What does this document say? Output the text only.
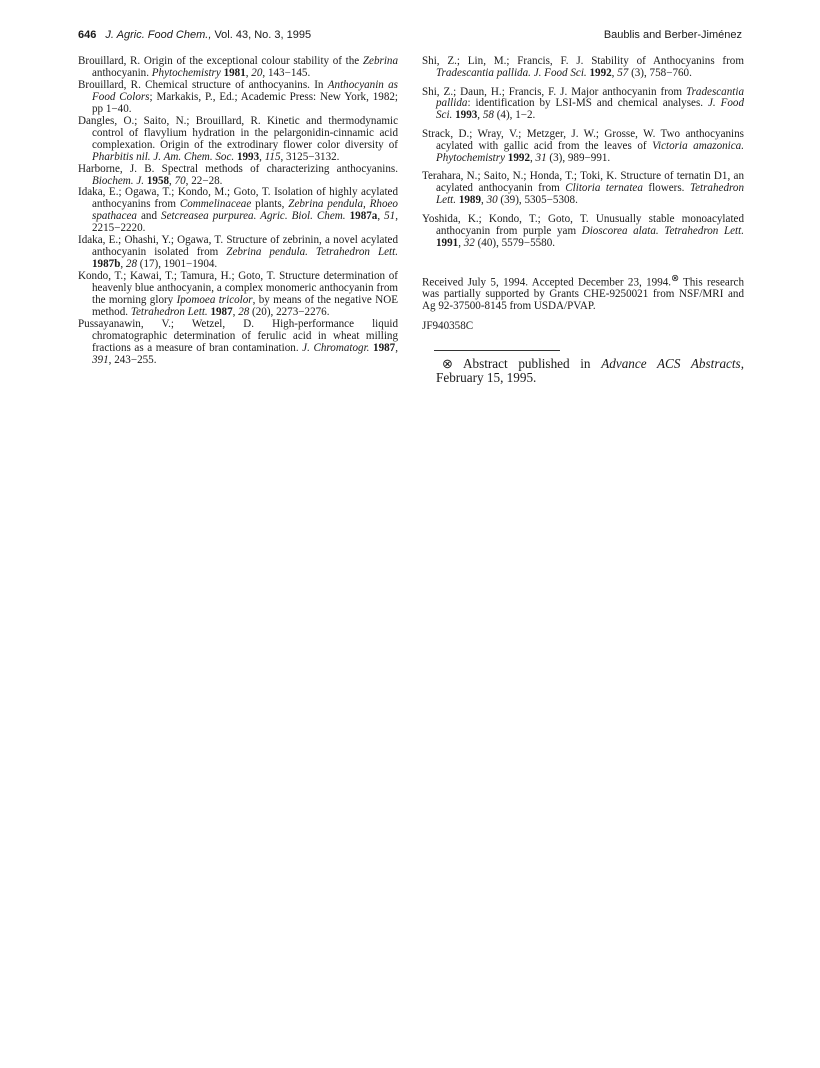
646 J. Agric. Food Chem., Vol. 43, No. 3, 1995	Baublis and Berber-Jiménez

Brouillard, R. Origin of the exceptional colour stability of the Zebrina anthocyanin. Phytochemistry 1981, 20, 143−145.

Brouillard, R. Chemical structure of anthocyanins. In Anthocyanin as Food Colors; Markakis, P., Ed.; Academic Press: New York, 1982; pp 1−40.

Dangles, O.; Saito, N.; Brouillard, R. Kinetic and thermodynamic control of flavylium hydration in the pelargonidin-cinnamic acid complexation. Origin of the extrodinary flower color diversity of Pharbitis nil. J. Am. Chem. Soc. 1993, 115, 3125−3132.

Harborne, J. B. Spectral methods of characterizing anthocyanins. Biochem. J. 1958, 70, 22−28.

Idaka, E.; Ogawa, T.; Kondo, M.; Goto, T. Isolation of highly acylated anthocyanins from Commelinaceae plants, Zebrina pendula, Rhoeo spathacea and Setcreasea purpurea. Agric. Biol. Chem. 1987a, 51, 2215−2220.

Idaka, E.; Ohashi, Y.; Ogawa, T. Structure of zebrinin, a novel acylated anthocyanin isolated from Zebrina pendula. Tetrahedron Lett. 1987b, 28 (17), 1901−1904.

Kondo, T.; Kawai, T.; Tamura, H.; Goto, T. Structure determination of heavenly blue anthocyanin, a complex monomeric anthocyanin from the morning glory Ipomoea tricolor, by means of the negative NOE method. Tetrahedron Lett. 1987, 28 (20), 2273−2276.

Pussayanawin, V.; Wetzel, D. High-performance liquid chromatographic determination of ferulic acid in wheat milling fractions as a measure of bran contamination. J. Chromatogr. 1987, 391, 243−255.

Shi, Z.; Lin, M.; Francis, F. J. Stability of Anthocyanins from Tradescantia pallida. J. Food Sci. 1992, 57 (3), 758−760.

Shi, Z.; Daun, H.; Francis, F. J. Major anthocyanin from Tradescantia pallida: identification by LSI-MS and chemical analyses. J. Food Sci. 1993, 58 (4), 1−2.

Strack, D.; Wray, V.; Metzger, J. W.; Grosse, W. Two anthocyanins acylated with gallic acid from the leaves of Victoria amazonica. Phytochemistry 1992, 31 (3), 989−991.

Terahara, N.; Saito, N.; Honda, T.; Toki, K. Structure of ternatin D1, an acylated anthocyanin from Clitoria ternatea flowers. Tetrahedron Lett. 1989, 30 (39), 5305−5308.

Yoshida, K.; Kondo, T.; Goto, T. Unusually stable monoacylated anthocyanin from purple yam Dioscorea alata. Tetrahedron Lett. 1991, 32 (40), 5579−5580.

Received July 5, 1994. Accepted December 23, 1994.⊗ This research was partially supported by Grants CHE-9250021 from NSF/MRI and Ag 92-37500-8145 from USDA/PVAP.
JF940358C
⊗ Abstract published in Advance ACS Abstracts, February 15, 1995.
